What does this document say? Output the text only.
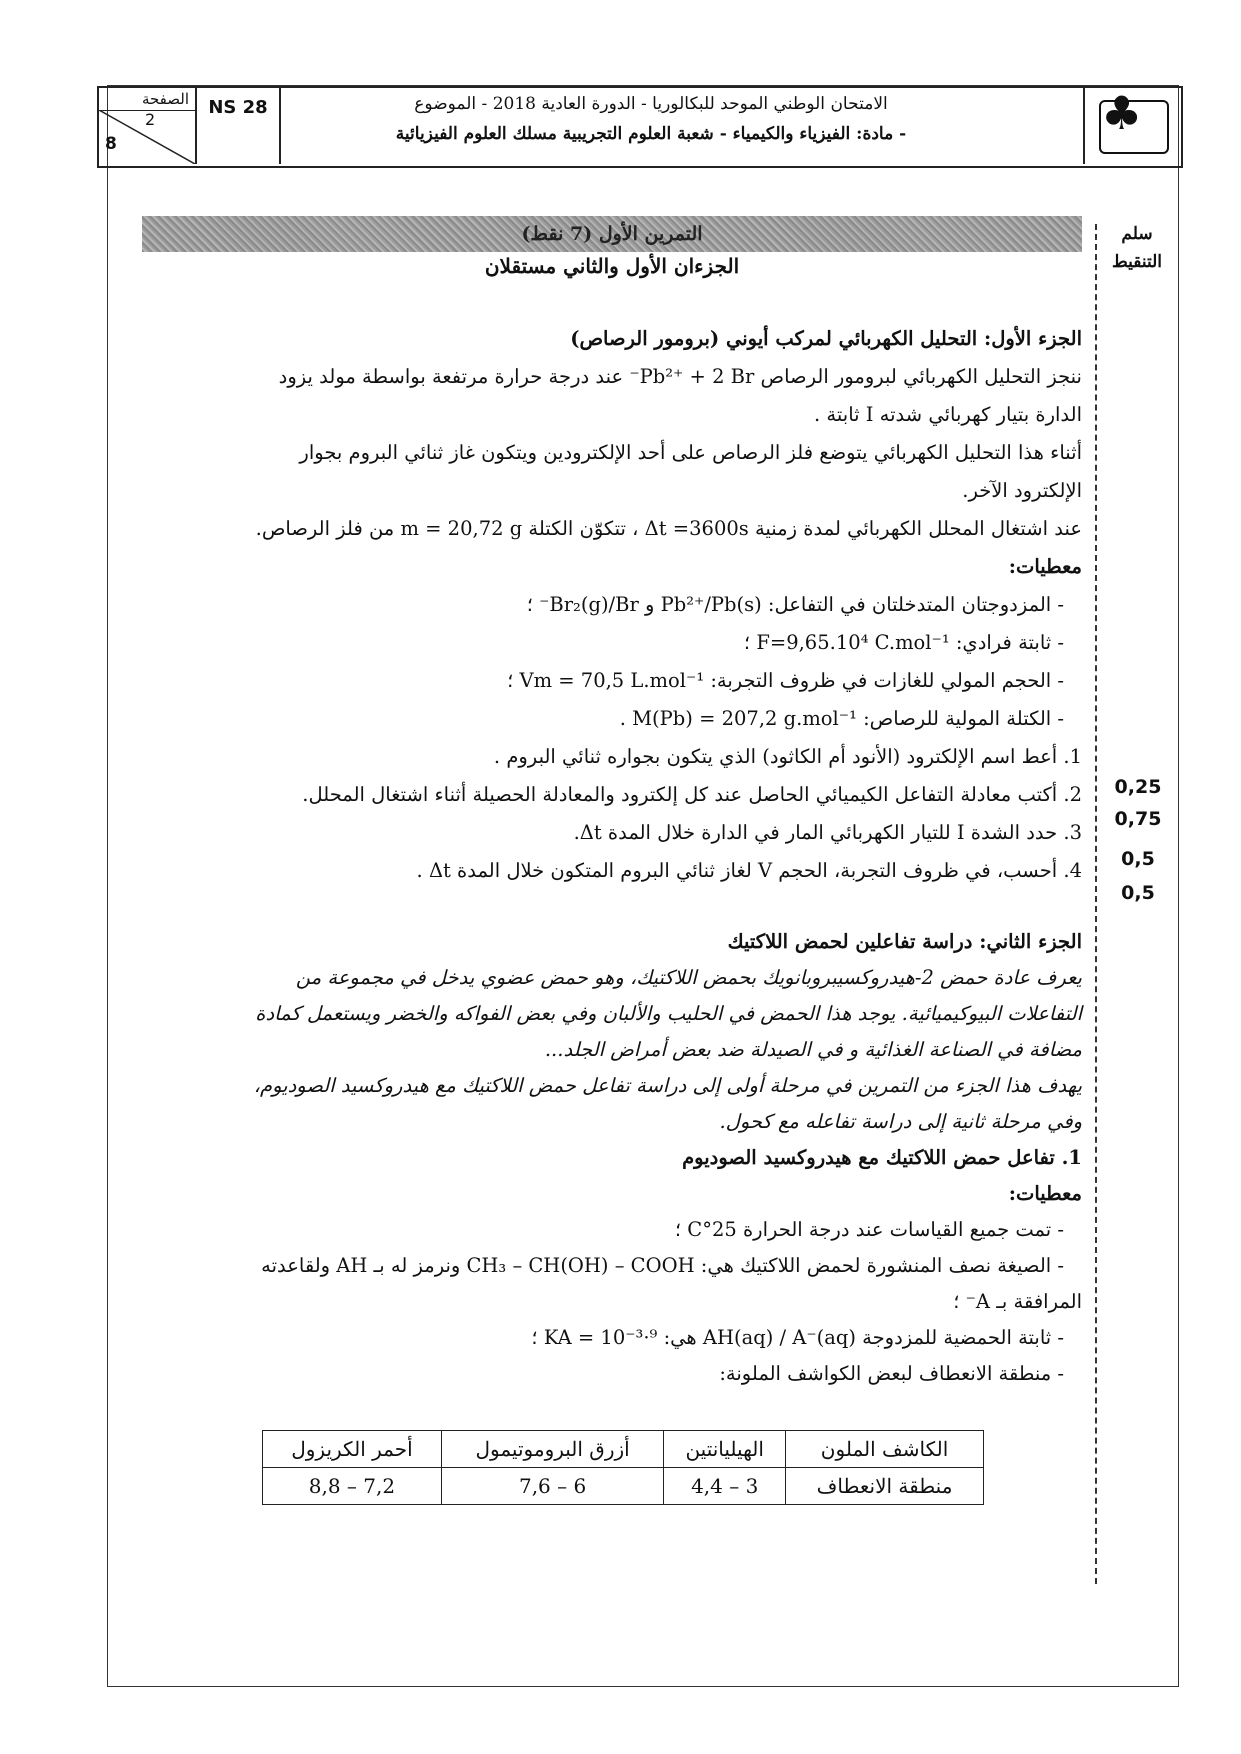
الصفحة
2
8
NS 28	الامتحان الوطني الموحد للبكالوريا - الدورة العادية 2018 - الموضوع
- مادة: الفيزياء والكيمياء - شعبة العلوم التجريبية مسلك العلوم الفيزيائية	♣
سلم
التنقيط
التمرين الأول (7 نقط)
الجزءان الأول والثاني مستقلان

الجزء الأول: التحليل الكهربائي لمركب أيوني (برومور الرصاص)

ننجز التحليل الكهربائي لبرومور الرصاص Pb²⁺ + 2 Br⁻ عند درجة حرارة مرتفعة بواسطة مولد يزود

الدارة بتيار كهربائي شدته I ثابتة .

أثناء هذا التحليل الكهربائي يتوضع فلز الرصاص على أحد الإلكترودين ويتكون غاز ثنائي البروم بجوار

الإلكترود الآخر.

عند اشتغال المحلل الكهربائي لمدة زمنية Δt =3600s ، تتكوّن الكتلة m = 20,72 g من فلز الرصاص.

معطيات:

- المزدوجتان المتدخلتان في التفاعل: Pb²⁺/Pb(s) و Br₂(g)/Br⁻ ؛

- ثابتة فرادي: F=9,65.10⁴ C.mol⁻¹ ؛

- الحجم المولي للغازات في ظروف التجربة: Vm = 70,5 L.mol⁻¹ ؛

- الكتلة المولية للرصاص: M(Pb) = 207,2 g.mol⁻¹ .

1. أعط اسم الإلكترود (الأنود أم الكاثود) الذي يتكون بجواره ثنائي البروم .

2. أكتب معادلة التفاعل الكيميائي الحاصل عند كل إلكترود والمعادلة الحصيلة أثناء اشتغال المحلل.

3. حدد الشدة I للتيار الكهربائي المار في الدارة خلال المدة Δt.

4. أحسب، في ظروف التجربة، الحجم V لغاز ثنائي البروم المتكون خلال المدة Δt .

0,25
0,75
0,5
0,5

الجزء الثاني: دراسة تفاعلين لحمض اللاكتيك

يعرف عادة حمض 2-هيدروكسيبروبانويك بحمض اللاكتيك، وهو حمض عضوي يدخل في مجموعة من

التفاعلات البيوكيميائية. يوجد هذا الحمض في الحليب والألبان وفي بعض الفواكه والخضر ويستعمل كمادة

مضافة في الصناعة الغذائية و في الصيدلة ضد بعض أمراض الجلد...

يهدف هذا الجزء من التمرين في مرحلة أولى إلى دراسة تفاعل حمض اللاكتيك مع هيدروكسيد الصوديوم،

وفي مرحلة ثانية إلى دراسة تفاعله مع كحول.

1. تفاعل حمض اللاكتيك مع هيدروكسيد الصوديوم

معطيات:

- تمت جميع القياسات عند درجة الحرارة 25°C ؛

- الصيغة نصف المنشورة لحمض اللاكتيك هي: CH₃ – CH(OH) – COOH ونرمز له بـ AH ولقاعدته

المرافقة بـ A⁻ ؛

- ثابتة الحمضية للمزدوجة AH(aq) / A⁻(aq) هي: KA = 10⁻³·⁹ ؛

- منطقة الانعطاف لبعض الكواشف الملونة:

الكاشف الملون	الهيليانتين	أزرق البروموتيمول	أحمر الكريزول
منطقة الانعطاف	3 – 4,4	6 – 7,6	7,2 – 8,8
